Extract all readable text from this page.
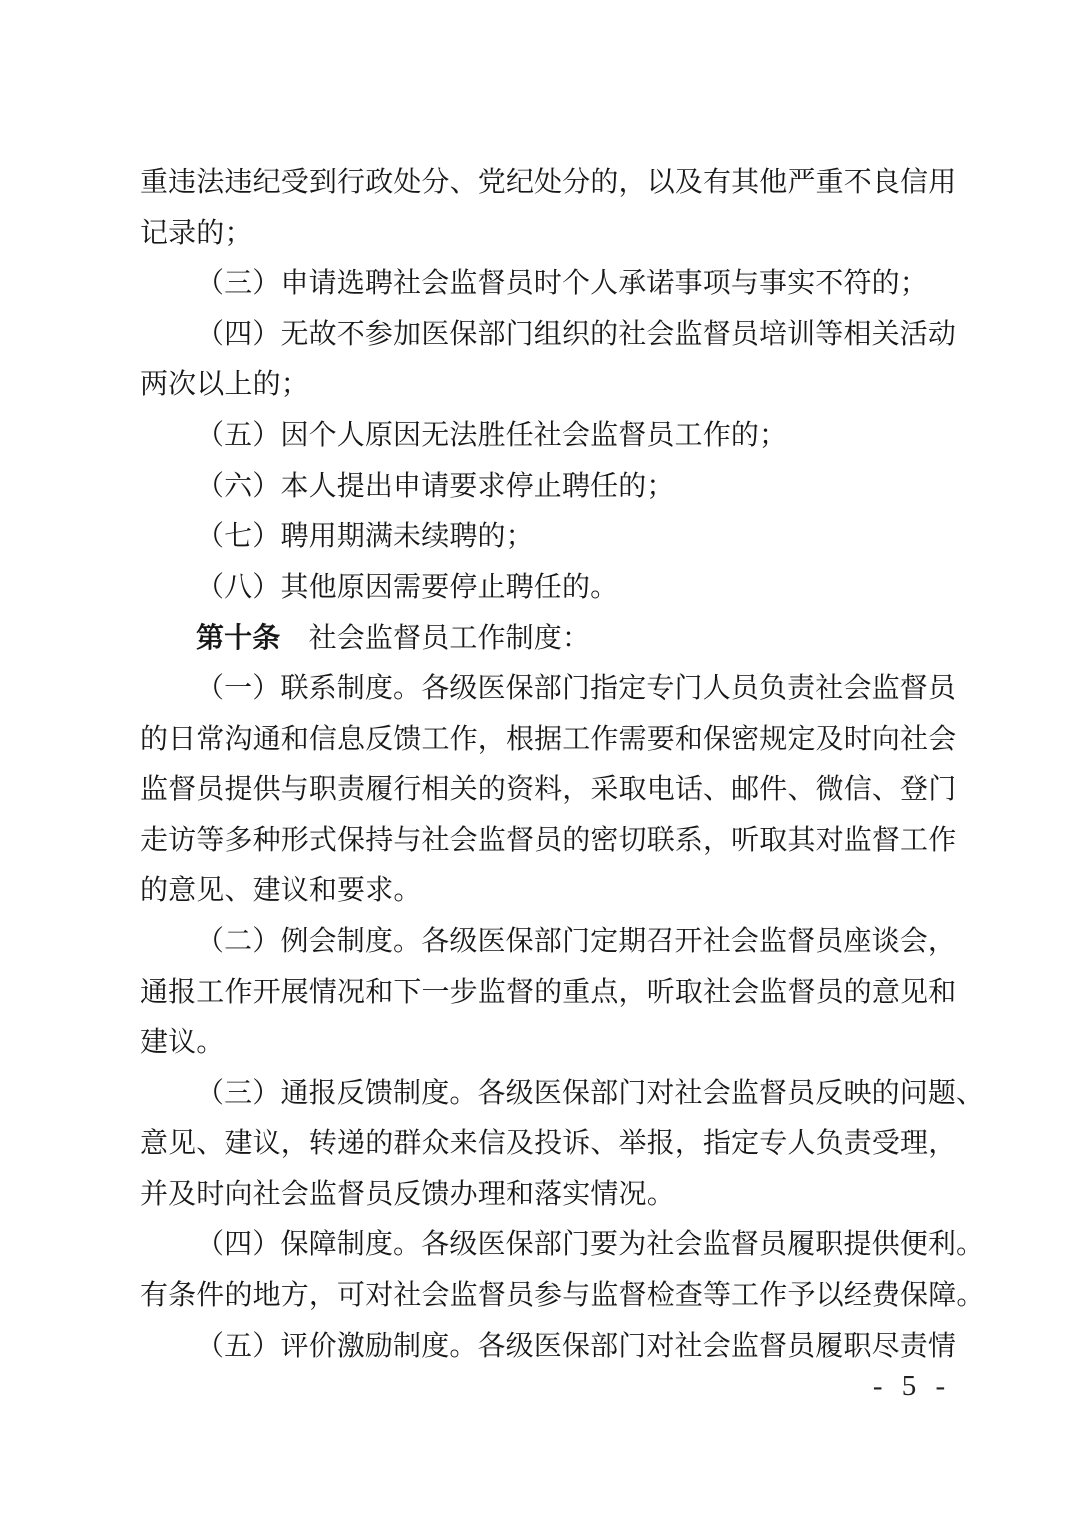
重违法违纪受到行政处分、党纪处分的，以及有其他严重不良信用
记录的；
（三）申请选聘社会监督员时个人承诺事项与事实不符的；
（四）无故不参加医保部门组织的社会监督员培训等相关活动
两次以上的；
（五）因个人原因无法胜任社会监督员工作的；
（六）本人提出申请要求停止聘任的；
（七）聘用期满未续聘的；
（八）其他原因需要停止聘任的。
第十条　社会监督员工作制度：
（一）联系制度。各级医保部门指定专门人员负责社会监督员
的日常沟通和信息反馈工作，根据工作需要和保密规定及时向社会
监督员提供与职责履行相关的资料，采取电话、邮件、微信、登门
走访等多种形式保持与社会监督员的密切联系，听取其对监督工作
的意见、建议和要求。
（二）例会制度。各级医保部门定期召开社会监督员座谈会，
通报工作开展情况和下一步监督的重点，听取社会监督员的意见和
建议。
（三）通报反馈制度。各级医保部门对社会监督员反映的问题、
意见、建议，转递的群众来信及投诉、举报，指定专人负责受理，
并及时向社会监督员反馈办理和落实情况。
（四）保障制度。各级医保部门要为社会监督员履职提供便利。
有条件的地方，可对社会监督员参与监督检查等工作予以经费保障。
（五）评价激励制度。各级医保部门对社会监督员履职尽责情
- 5 -
